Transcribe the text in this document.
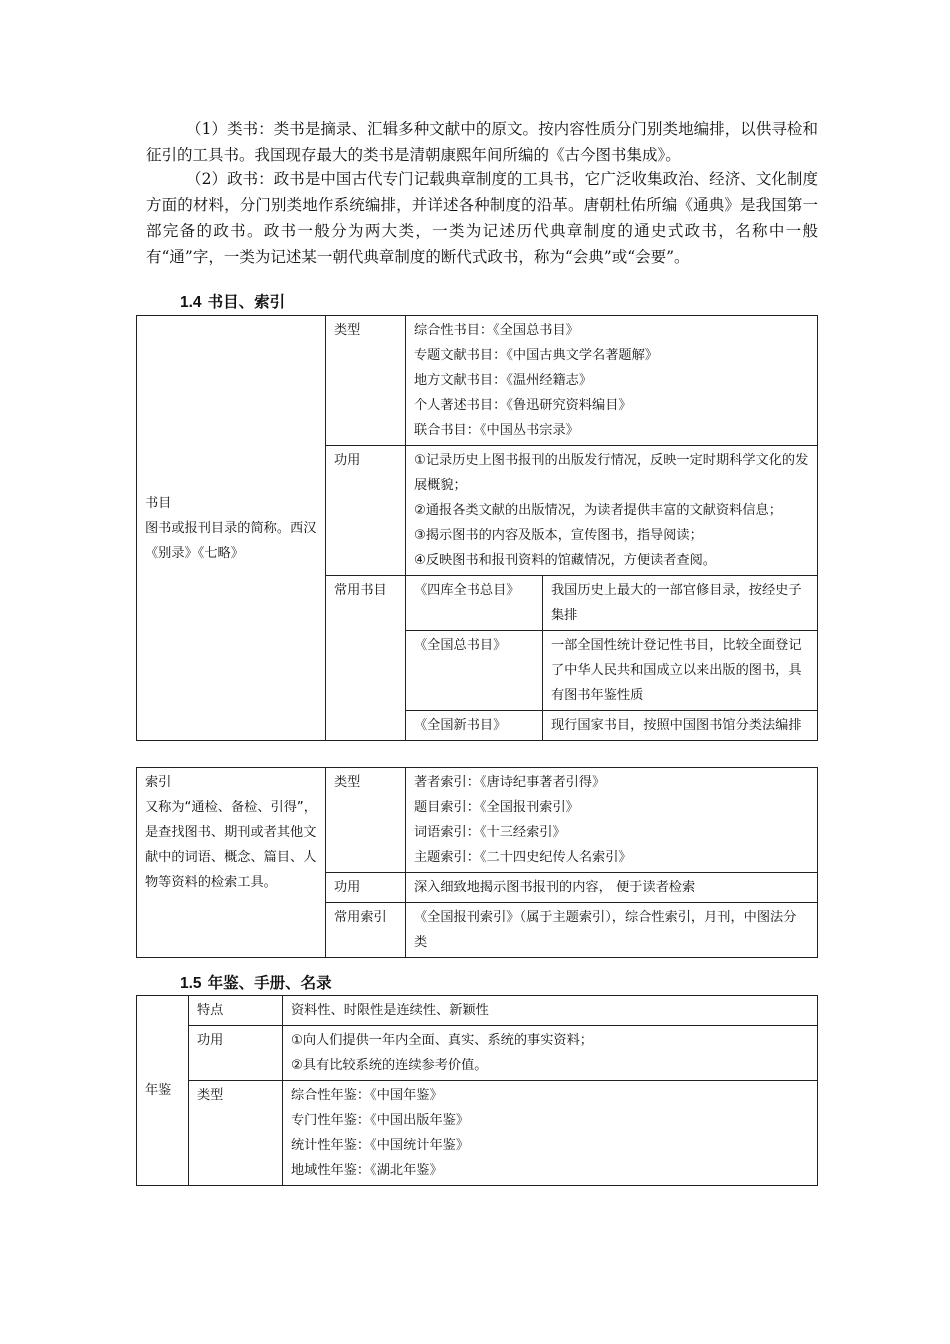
（1）类书：类书是摘录、汇辑多种文献中的原文。按内容性质分门别类地编排，以供寻检和征引的工具书。我国现存最大的类书是清朝康熙年间所编的《古今图书集成》。

（2）政书：政书是中国古代专门记载典章制度的工具书，它广泛收集政治、经济、文化制度方面的材料，分门别类地作系统编排，并详述各种制度的沿革。唐朝杜佑所编《通典》是我国第一部完备的政书。政书一般分为两大类，一类为记述历代典章制度的通史式政书，名称中一般有“通”字，一类为记述某一朝代典章制度的断代式政书，称为“会典”或“会要”。

1.4 书目、索引
书目
图书或报刊目录的简称。西汉《别录》《七略》	类型	综合性书目：《全国总书目》
专题文献书目：《中国古典文学名著题解》
地方文献书目：《温州经籍志》
个人著述书目：《鲁迅研究资料编目》
联合书目：《中国丛书宗录》	

	功用	①记录历史上图书报刊的出版发行情况，反映一定时期科学文化的发展概貌；
②通报各类文献的出版情况，为读者提供丰富的文献资料信息；
③揭示图书的内容及版本，宣传图书，指导阅读；
④反映图书和报刊资料的馆藏情况，方便读者查阅。	

	常用书目	《四库全书总目》	我国历史上最大的一部官修目录，按经史子集排
		《全国总书目》	一部全国性统计登记性书目，比较全面登记了中华人民共和国成立以来出版的图书，具有图书年鉴性质
		《全国新书目》	现行国家书目，按照中国图书馆分类法编排
索引
又称为“通检、备检、引得”，是查找图书、期刊或者其他文献中的词语、概念、篇目、人物等资料的检索工具。	类型	著者索引：《唐诗纪事著者引得》
题目索引：《全国报刊索引》
词语索引：《十三经索引》
主题索引：《二十四史纪传人名索引》

	功用	深入细致地揭示图书报刊的内容， 便于读者检索
	常用索引	《全国报刊索引》（属于主题索引），综合性索引，月刊，中图法分类
1.5 年鉴、手册、名录
年鉴	特点	资料性、时限性是连续性、新颖性
	功用	①向人们提供一年内全面、真实、系统的事实资料；
②具有比较系统的连续参考价值。

	类型	综合性年鉴：《中国年鉴》
专门性年鉴：《中国出版年鉴》
统计性年鉴：《中国统计年鉴》
地域性年鉴：《湖北年鉴》
